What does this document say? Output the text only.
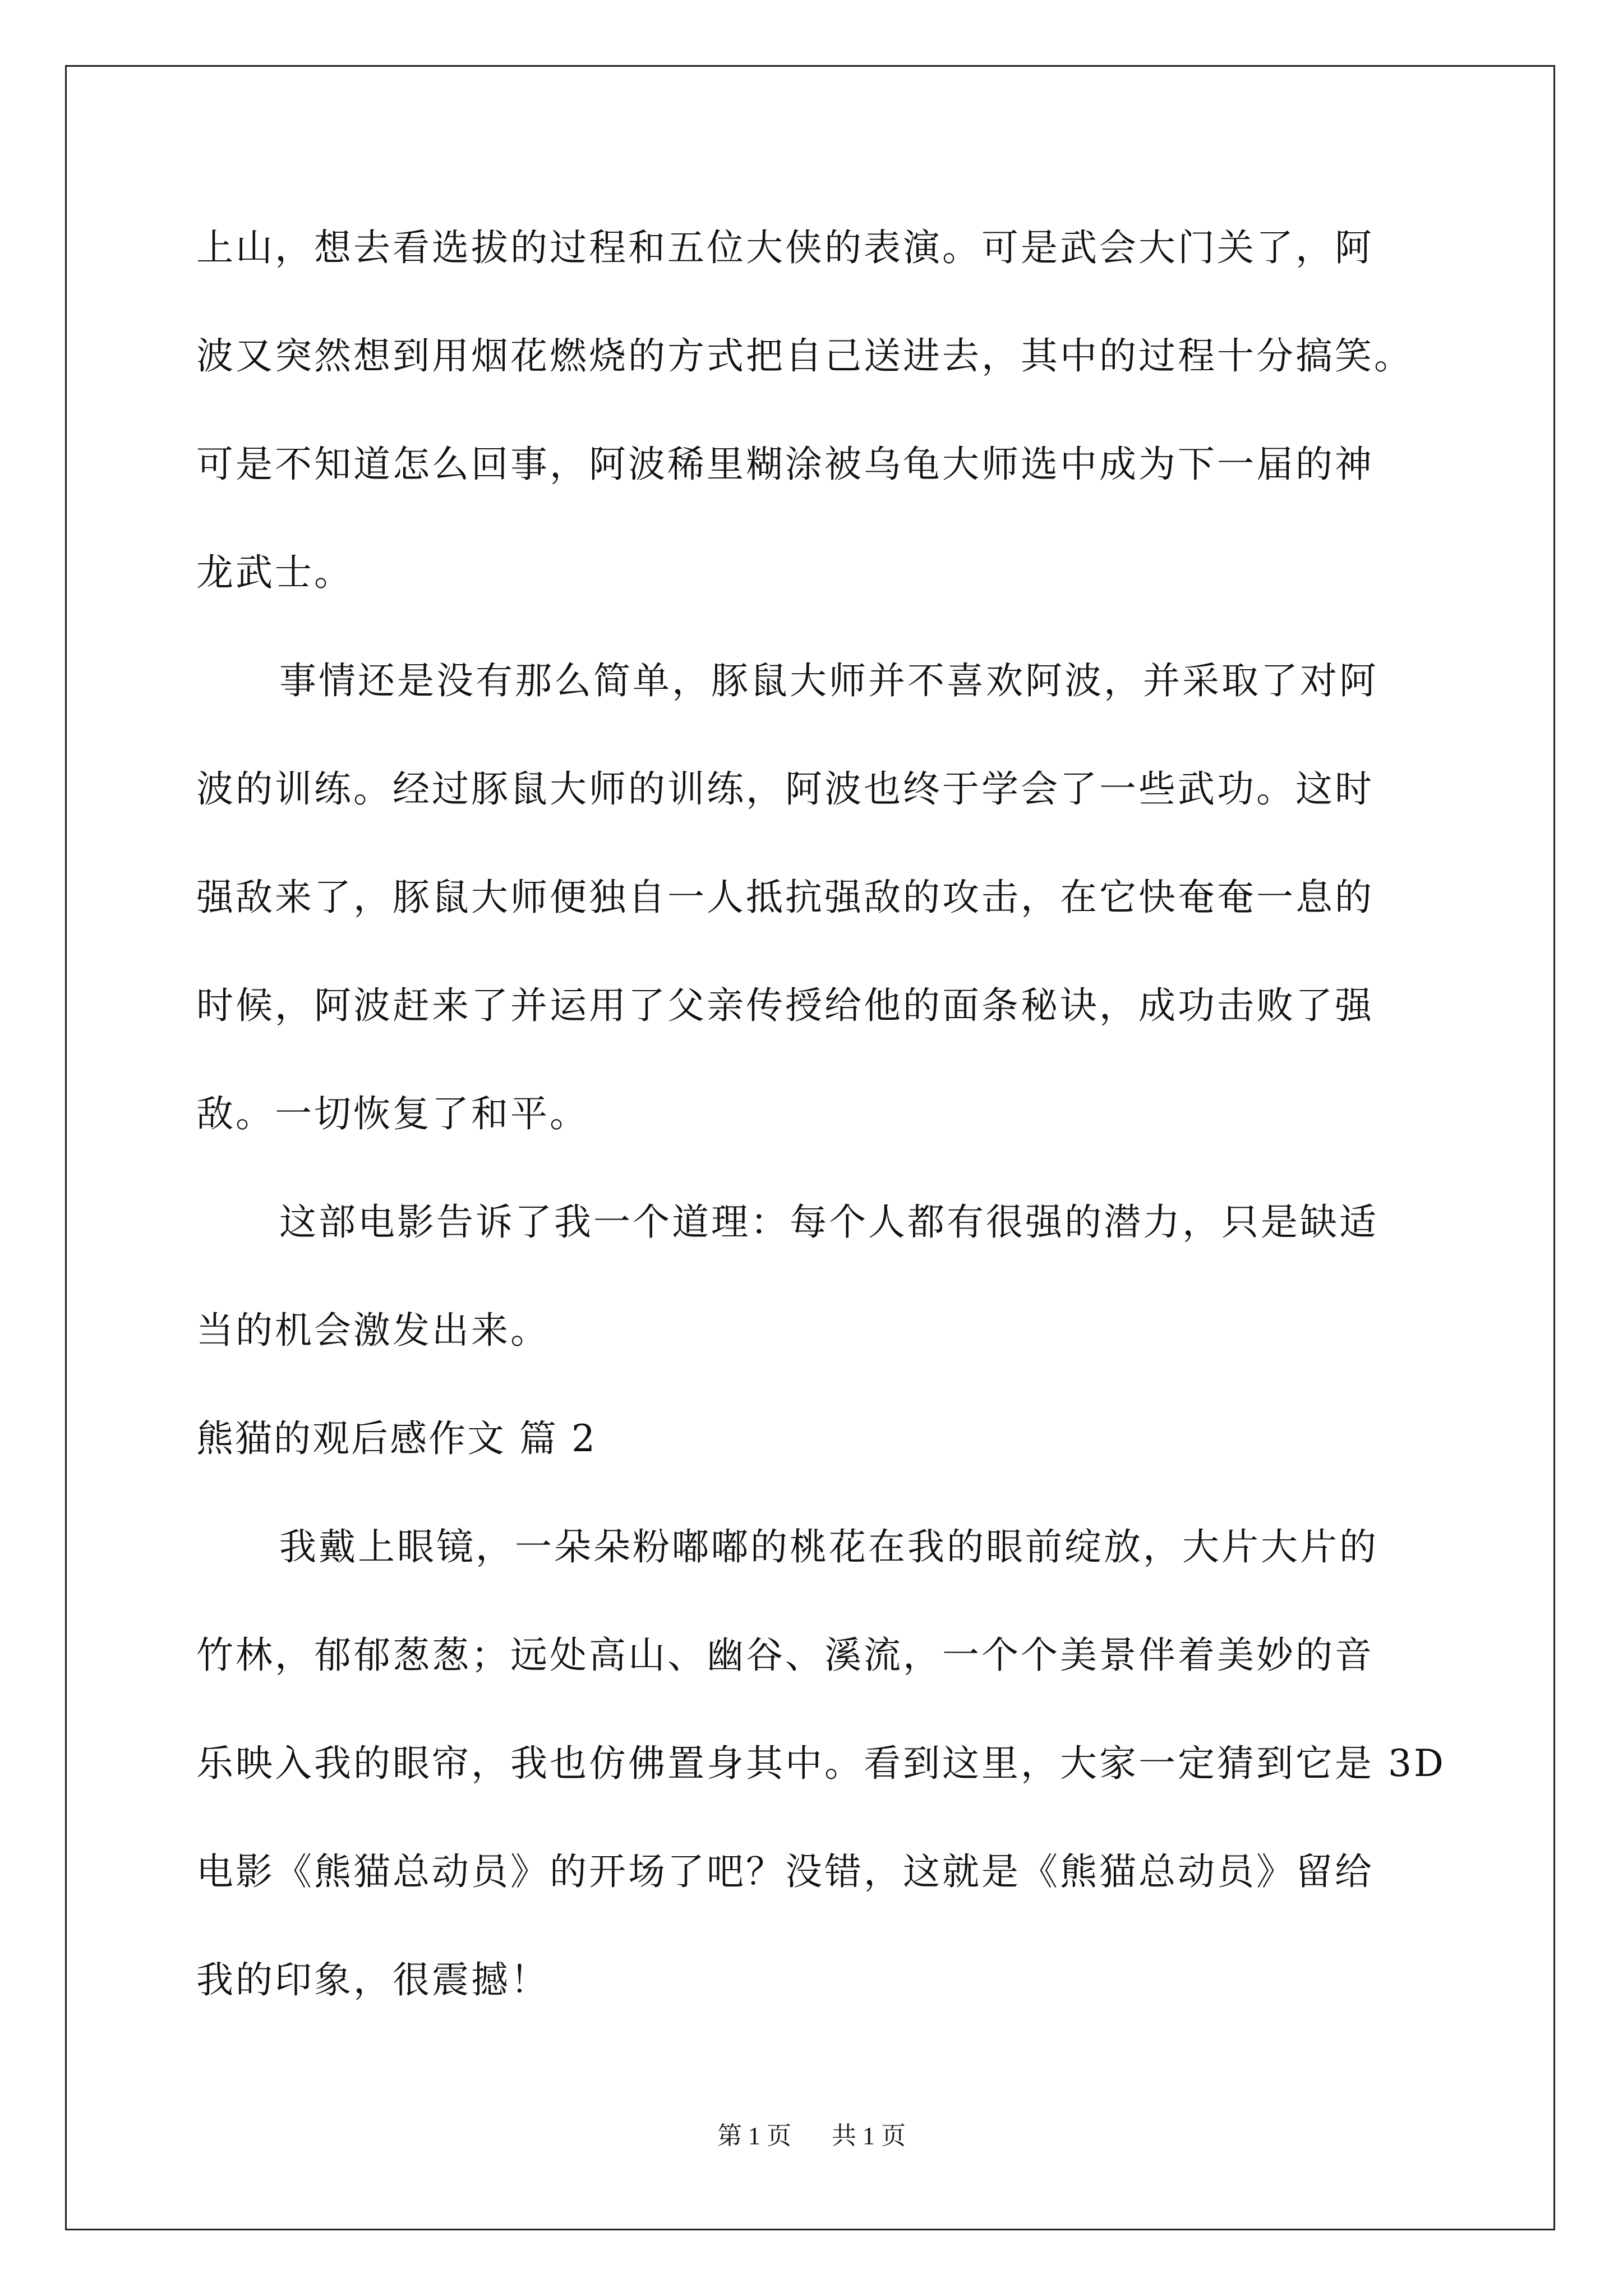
上山，想去看选拔的过程和五位大侠的表演。可是武会大门关了，阿
波又突然想到用烟花燃烧的方式把自己送进去，其中的过程十分搞笑。
可是不知道怎么回事，阿波稀里糊涂被乌龟大师选中成为下一届的神
龙武士。
事情还是没有那么简单，豚鼠大师并不喜欢阿波，并采取了对阿
波的训练。经过豚鼠大师的训练，阿波也终于学会了一些武功。这时
强敌来了，豚鼠大师便独自一人抵抗强敌的攻击，在它快奄奄一息的
时候，阿波赶来了并运用了父亲传授给他的面条秘诀，成功击败了强
敌。一切恢复了和平。
这部电影告诉了我一个道理：每个人都有很强的潜力，只是缺适
当的机会激发出来。
熊猫的观后感作文 篇 2
我戴上眼镜，一朵朵粉嘟嘟的桃花在我的眼前绽放，大片大片的
竹林，郁郁葱葱；远处高山、幽谷、溪流，一个个美景伴着美妙的音
乐映入我的眼帘，我也仿佛置身其中。看到这里，大家一定猜到它是 3D
电影《熊猫总动员》的开场了吧？没错，这就是《熊猫总动员》留给
我的印象，很震撼！
第 1 页 共 1 页
